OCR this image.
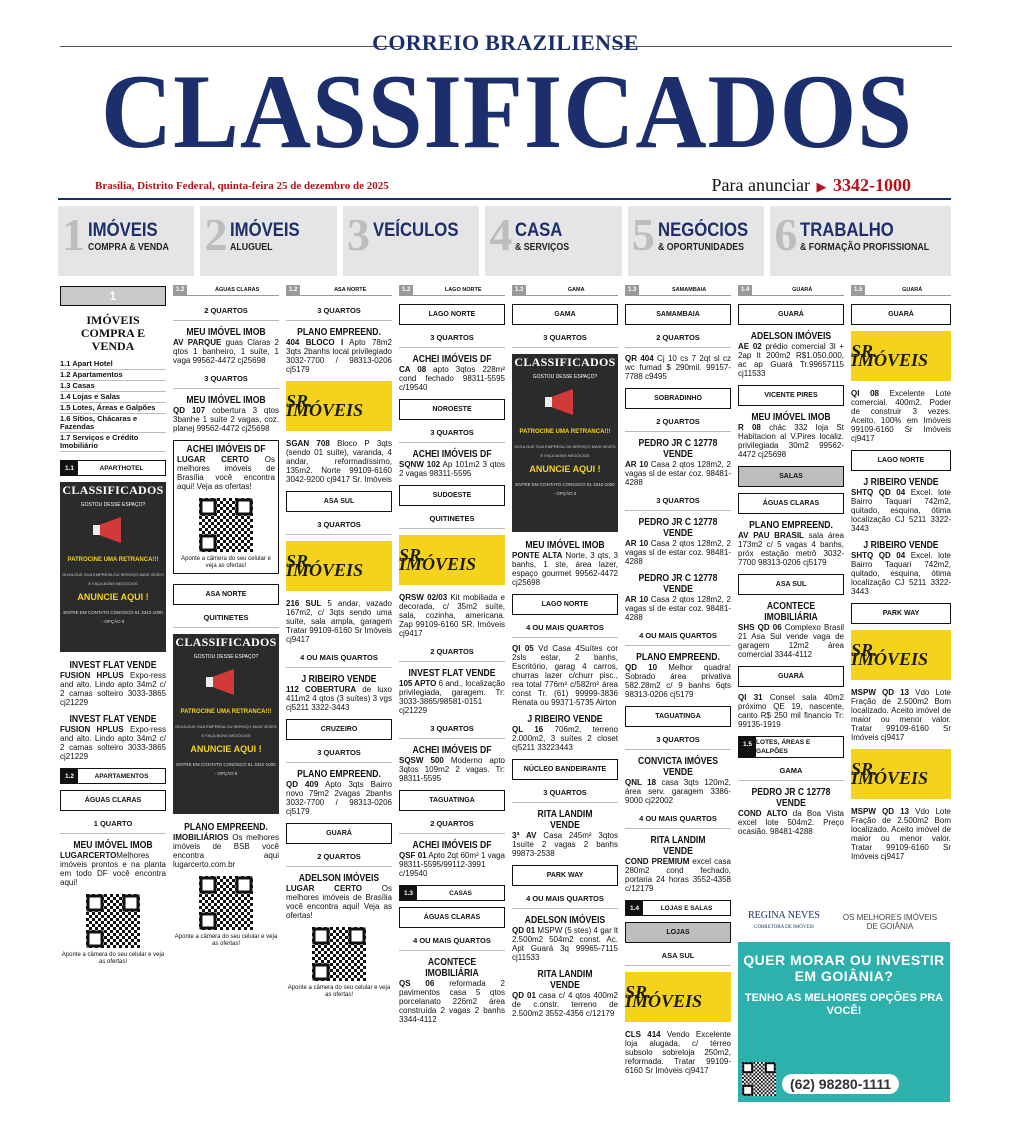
CORREIO BRAZILIENSE
CLASSIFICADOS
Brasília, Distrito Federal, quinta-feira 25 de dezembro de 2025	Para anunciar ▶ 3342-1000
1 IMÓVEIS
COMPRA & VENDA 2 IMÓVEIS
ALUGUEL	3 VEÍCULOS 4 CASA
& SERVIÇOS 5 NEGÓCIOS
& OPORTUNIDADES 6 TRABALHO
& FORMAÇÃO PROFISSIONAL
1
IMÓVEIS COMPRA E VENDA
1.1 Apart Hotel
1.2 Apartamentos
1.3 Casas
1.4 Lojas e Salas
1.5 Lotes, Áreas e Galpões
1.6 Sítios, Chácaras e Fazendas
1.7 Serviços e Crédito Imobiliário
1.1	APARTHOTEL
CLASSIFICADOS
GOSTOU DESSE ESPAÇO?
PATROCINE UMA RETRANCA!!!
DIVULGUE SUA EMPRESA OU SERVIÇO MAIS VEZES E FAÇA BONS NEGÓCIOS
ANUNCIE AQUI !
ENTRE EM CONTATO CONOSCO 61 3342-1000 - OPÇÃO 5
INVEST FLAT VENDE
FUSION HPLUS Expo-ress and alto. Lindo apto 34m2 c/ 2 camas solteiro 3033-3865 cj21229
INVEST FLAT VENDE
FUSION HPLUS Expo-ress and alto. Lindo apto 34m2 c/ 2 camas solteiro 3033-3865 cj21229
1.2	APARTAMENTOS
ÁGUAS CLARAS
1 QUARTO
MEU IMÓVEL IMOB
LUGARCERTOMelhores imóveis prontos e na planta em todo DF você encontra aqui!
Aponte a câmera do seu celular e veja as ofertas!
1.2	ÁGUAS CLARAS
2 QUARTOS
MEU IMÓVEL IMOB
AV PARQUE guas Claras 2 qtos 1 banheiro, 1 suíte, 1 vaga 99562-4472 cj25698
3 QUARTOS
MEU IMÓVEL IMOB
QD 107 cobertura 3 qtos 3banhe 1 suíte 2 vagas, coz. planej 99562-4472 cj25698
ACHEI IMÓVEIS DF
LUGAR CERTO Os melhores imóveis de Brasília você encontra aqui! Veja as ofertas!
Aponte a câmera do seu celular e veja as ofertas!
ASA NORTE
QUITINETES
CLASSIFICADOS
GOSTOU DESSE ESPAÇO?
PATROCINE UMA RETRANCA!!!
DIVULGUE SUA EMPRESA OU SERVIÇO MAIS VEZES E FAÇA BONS NEGÓCIOS
ANUNCIE AQUI !
ENTRE EM CONTATO CONOSCO 61 3342-1000 - OPÇÃO 5
PLANO EMPREEND.
IMOBILIÁRIOS Os melhores imóveis de BSB você encontra aqui lugarcerto.com.br
Aponte a câmera do seu celular e veja as ofertas!
1.2	ASA NORTE
3 QUARTOS
PLANO EMPREEND.
404 BLOCO I Apto 78m2 3qts 2banhs local privilegiado 3032-7700 / 98313-0206 cj5179
SR. IMÓVEIS
SGAN 708 Bloco P 3qts (sendo 01 suíte), varanda, 4 andar, reformadíssimo, 135m2. Norte 99109-6160 3042-9200 cj9417 Sr. Imóveis
ASA SUL
3 QUARTOS
SR. IMÓVEIS
216 SUL 5 andar, vazado 167m2, c/ 3qts sendo uma suíte, sala ampla, garagem Tratar 99109-6160 Sr Imóveis cj9417
4 OU MAIS QUARTOS
J RIBEIRO VENDE
112 COBERTURA de luxo 411m2 4 qtos (3 suítes) 3 vgs cj5211 3322-3443
CRUZEIRO
3 QUARTOS
PLANO EMPREEND.
QD 409 Apto 3qts Bairro novo 79m2 2vagas 2banhs 3032-7700 / 98313-0206 cj5179
GUARÁ
2 QUARTOS
ADELSON IMÓVEIS
LUGAR CERTO Os melhores imóveis de Brasília você encontra aqui! Veja as ofertas!
Aponte a câmera do seu celular e veja as ofertas!
1.2	LAGO NORTE
LAGO NORTE
3 QUARTOS
ACHEI IMÓVEIS DF
CA 08 apto 3qtos 228m² cond fechado 98311-5595 c/19540
NOROESTE
3 QUARTOS
ACHEI IMÓVEIS DF
SQNW 102 Ap 101m2 3 qtos 2 vagas 98311-5595
SUDOESTE
QUITINETES
SR. IMÓVEIS
QRSW 02/03 Kit mobiliada e decorada, c/ 35m2 suíte, sala, cozinha, americana. Zap 99109-6160 SR. Imóveis cj9417
2 QUARTOS
INVEST FLAT VENDE
105 APTO 6 and., localização privilegiada, garagem. Tr: 3033-3865/98581-0151 cj21229
3 QUARTOS
ACHEI IMÓVEIS DF
SQSW 500 Moderno apto 3qtos 109m2 2 vagas. Tr: 98311-5595
TAGUATINGA
2 QUARTOS
ACHEI IMÓVEIS DF
QSF 01 Apto 2qt 60m² 1 vaga 98311-5595/99112-3991 c/19540
1.3	CASAS
ÁGUAS CLARAS
4 OU MAIS QUARTOS
ACONTECE IMOBILIÁRIA
QS 06 reformada 2 pavimentos casa 5 qtos porcelanato 226m2 área construída 2 vagas 2 banhs 3344-4112
1.3	GAMA
GAMA
3 QUARTOS
CLASSIFICADOS
GOSTOU DESSE ESPAÇO?
PATROCINE UMA RETRANCA!!!
DIVULGUE SUA EMPRESA OU SERVIÇO MAIS VEZES E FAÇA BONS NEGÓCIOS
ANUNCIE AQUI !
ENTRE EM CONTATO CONOSCO 61 3342-1000 - OPÇÃO 5
MEU IMÓVEL IMOB
PONTE ALTA Norte, 3 qts, 3 banhs, 1 ste, área lazer, espaço gourmet 99562-4472 cj25698
LAGO NORTE
4 OU MAIS QUARTOS
QI 05 Vd Casa 4Suítes cor 2sls estar, 2 banhs, Escritório, garag 4 carros, churras lazer c/churr pisc., rea total 776m² c/582m² área const Tr. (61) 99999-3836 Renata ou 99371-5735 Airton
J RIBEIRO VENDE
QL 16 706m2, terreno 2.000m2, 3 suítes 2 closet cj5211 33223443
NÚCLEO BANDEIRANTE
3 QUARTOS
RITA LANDIM VENDE
3ª AV Casa 245m² 3qtos 1suíte 2 vagas 2 banhs 99873-2538
PARK WAY
4 OU MAIS QUARTOS
ADELSON IMÓVEIS
QD 01 MSPW (5 stes) 4 gar lt 2.500m2 504m2 const. Ac. Apt Guará 3q 99965-7115 cj11533
RITA LANDIM VENDE
QD 01 casa c/ 4 qtos 400m2 de c.onstr. terreno de 2.500m2 3552-4356 c/12179
1.3	SAMAMBAIA
SAMAMBAIA
2 QUARTOS
QR 404 Cj 10 cs 7 2qt sl cz wc fumad $ 290mil. 99157-7788 c9495
SOBRADINHO
2 QUARTOS
PEDRO JR C 12778 VENDE
AR 10 Casa 2 qtos 128m2, 2 vagas sl de estar coz. 98481-4288
3 QUARTOS
PEDRO JR C 12778 VENDE
AR 10 Casa 2 qtos 128m2, 2 vagas sl de estar coz. 98481-4288
PEDRO JR C 12778 VENDE
AR 10 Casa 2 qtos 128m2, 2 vagas sl de estar coz. 98481-4288
4 OU MAIS QUARTOS
PLANO EMPREEND.
QD 10 Melhor quadra! Sobrado área privativa 582.28m2 c/ 9 banhs 6qts 98313-0206 cj5179
TAGUATINGA
3 QUARTOS
CONVICTA IMÓVES VENDE
QNL 18 casa 3qts 120m2, área serv. garagem 3386-9000 cj22002
4 OU MAIS QUARTOS
RITA LANDIM VENDE
COND PREMIUM excel casa 280m2 cond fechado, portaria 24 horas 3552-4358 c/12179
1.4	LOJAS E SALAS
LOJAS
ASA SUL
SR. IMÓVEIS
CLS 414 Vendo Excelente loja alugada, c/ térreo subsolo sobreloja 250m2, reformada. Tratar 99109-6160 Sr Imóveis cj9417
1.4	GUARÁ
GUARÁ
ADELSON IMÓVEIS
AE 02 prédio comercial 3l + 2ap lt 200m2 R$1.050.000, ac ap Guará Tr.99657115 cj11533
VICENTE PIRES
MEU IMÓVEL IMOB
R 08 chác 332 loja St Habitacion al V.Pires localiz. privilegiada 30m2 99562-4472 cj25698
SALAS
ÁGUAS CLARAS
PLANO EMPREEND.
AV PAU BRASIL sala área 173m2 c/ 5 vagas 4 banhs, próx estação metrô 3032-7700 98313-0206 cj5179
ASA SUL
ACONTECE IMOBILIÁRIA
SHS QD 06 Complexo Brasil 21 Asa Sul vende vaga de garagem 12m2 área comercial 3344-4112
GUARÁ
QI 31 Consel sala 40m2 próximo QE 19, nascente, canto R$ 250 mil financio Tr: 99135-1919
1.5 LOTES, ÁREAS E GALPÕES
GAMA
PEDRO JR C 12778 VENDE
COND ALTO da Boa Vista excel lote 504m2. Preço ocasião. 98481-4288
1.5	GUARÁ
GUARÁ
SR. IMÓVEIS
QI 08 Excelente Lote comercial. 400m2. Poder de construir 3 vezes. Aceito. 100% em Imóveis 99109-6160 Sr Imóveis cj9417
LAGO NORTE
J RIBEIRO VENDE
SHTQ QD 04 Excel. lote Bairro Taquari 742m2, quitado, esquina, ótima localização CJ 5211 3322-3443
J RIBEIRO VENDE
SHTQ QD 04 Excel. lote Bairro Taquari 742m2, quitado, esquina, ótima localização CJ 5211 3322-3443
PARK WAY
SR. IMÓVEIS
MSPW QD 13 Vdo Lote Fração de 2.500m2 Bom localizado. Aceito imóvel de maior ou menor valor. Tratar 99109-6160 Sr Imóveis cj9417
SR. IMÓVEIS
MSPW QD 13 Vdo Lote Fração de 2.500m2 Bom localizado. Aceito imóvel de maior ou menor valor. Tratar 99109-6160 Sr Imóveis cj9417
REGINA NEVES
CORRETORA DE IMÓVEIS
OS MELHORES IMÓVEIS DE GOIÂNIA
QUER MORAR OU INVESTIR EM GOIÂNIA?
TENHO AS MELHORES OPÇÕES PRA VOCÊ!
(62) 98280-1111
